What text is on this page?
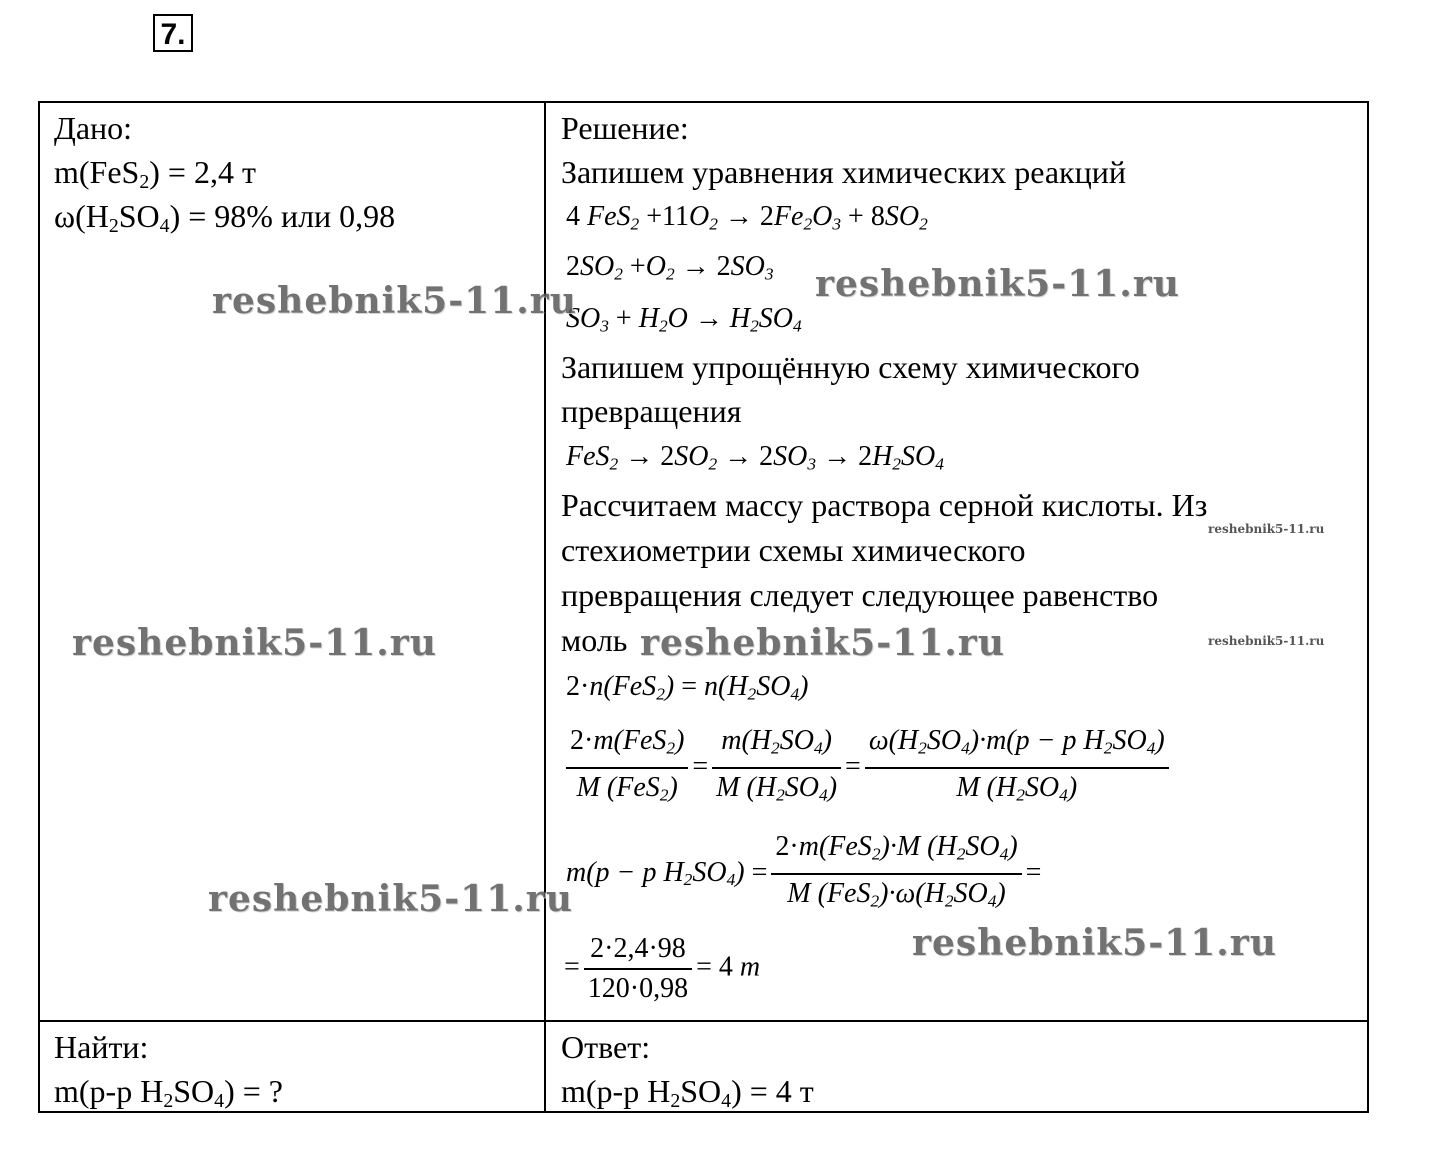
7.
Дано:
m(FeS$_2$) = 2,4 т
$\omega(H_2SO_4) = 98\%$ или 0,98
Найти:
m(р-р $H_2SO_4$) = ?
Решение:
Запишем уравнения химических реакций
4 $FeS_2 +11O_2 \to 2Fe_2O_3 + 8SO_2$
$2SO_2 +O_2 \to 2SO_3$
$SO_3 + H_2O \to H_2SO_4$
Запишем упрощённую схему химического
превращения
$FeS_2 \to 2SO_2 \to 2SO_3 \to 2H_2SO_4$
Рассчитаем массу раствора серной кислоты. Из
стехиометрии схемы химического
превращения следует следующее равенство
моль
$2\cdot n(FeS_2) = n(H_2SO_4)$
$\frac{2\cdot m(FeS_2)}{M (FeS_2)} = \frac{m(H_2SO_4)}{M (H_2SO_4)} = \frac{\omega(H_2SO_4)\cdot m(p - p H_2SO_4)}{M (H_2SO_4)}$
m(p − p $H_2SO_4) = \frac{2\cdot m(FeS_2)\cdot M (H_2SO_4)}{M (FeS_2)\cdot\omega(H_2SO_4)}$ =
= $\frac{2\cdot 2,4\cdot 98}{120\cdot 0,98} = 4$ т
Ответ:
m(р-р $H_2SO_4) = 4$ т
reshebnik5-11.ru	reshebnik5-11.ru
reshebnik5-11.ru	reshebnik5-11.ru
reshebnik5-11.ru
reshebnik5-11.ru
reshebnik5-11.ru
reshebnik5-11.ru
